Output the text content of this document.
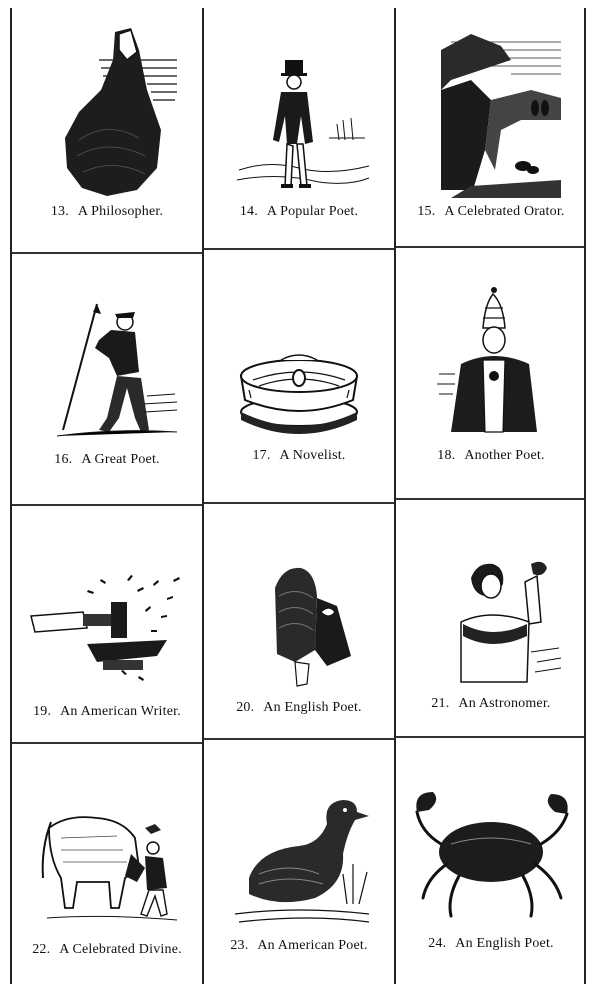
13. A Philosopher.	14. A Popular Poet.	15. A Celebrated Orator.
16. A Great Poet.	17. A Novelist.	18. Another Poet.
19. An American Writer.	20. An English Poet.	21. An Astronomer.
22. A Celebrated Divine.	23. An American Poet.	24. An English Poet.
